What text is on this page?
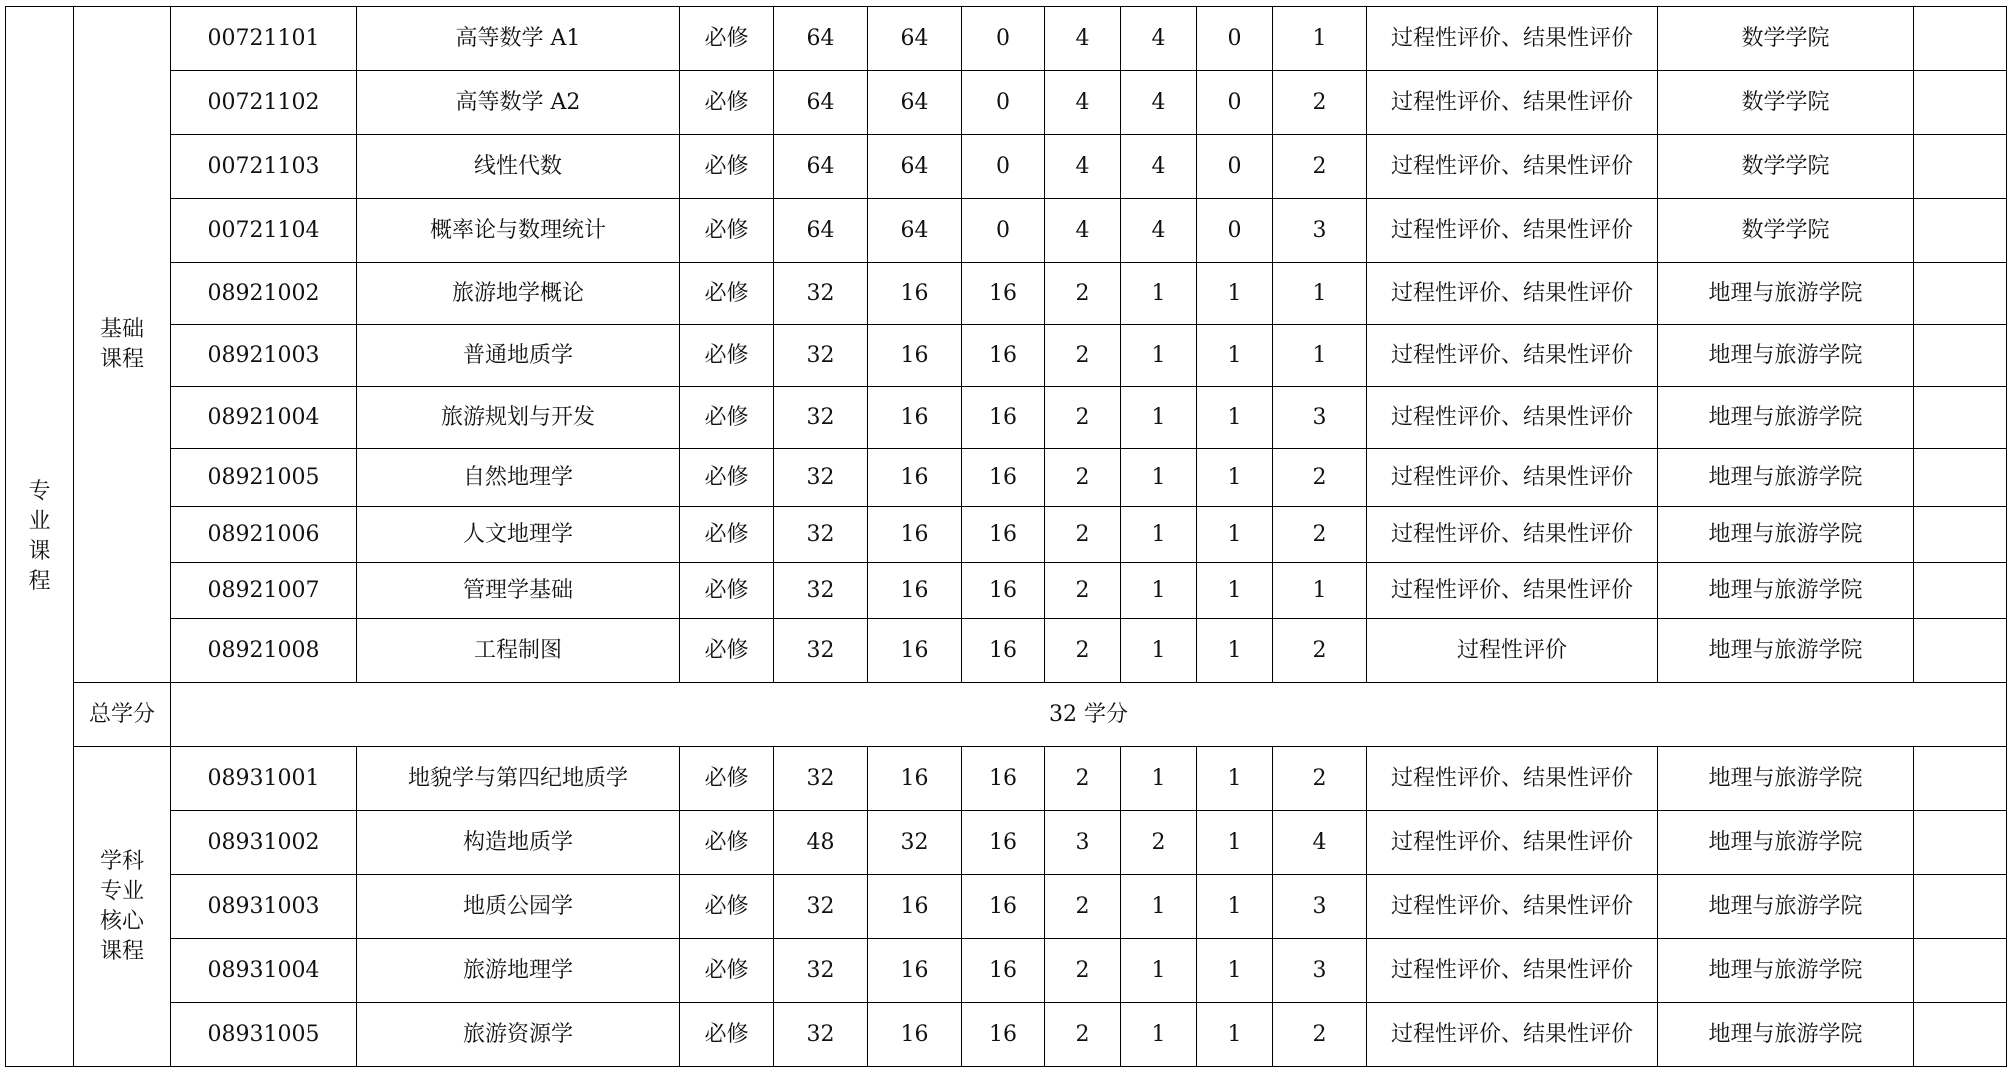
专业课程	基础课程	00721101	高等数学 A1	必修	64	64	0	4	4	0	1	过程性评价、结果性评价	数学学院	
		00721102	高等数学 A2	必修	64	64	0	4	4	0	2	过程性评价、结果性评价	数学学院	
		00721103	线性代数	必修	64	64	0	4	4	0	2	过程性评价、结果性评价	数学学院	
		00721104	概率论与数理统计	必修	64	64	0	4	4	0	3	过程性评价、结果性评价	数学学院	
		08921002	旅游地学概论	必修	32	16	16	2	1	1	1	过程性评价、结果性评价	地理与旅游学院	
		08921003	普通地质学	必修	32	16	16	2	1	1	1	过程性评价、结果性评价	地理与旅游学院	
		08921004	旅游规划与开发	必修	32	16	16	2	1	1	3	过程性评价、结果性评价	地理与旅游学院	
		08921005	自然地理学	必修	32	16	16	2	1	1	2	过程性评价、结果性评价	地理与旅游学院	
		08921006	人文地理学	必修	32	16	16	2	1	1	2	过程性评价、结果性评价	地理与旅游学院	
		08921007	管理学基础	必修	32	16	16	2	1	1	1	过程性评价、结果性评价	地理与旅游学院	
		08921008	工程制图	必修	32	16	16	2	1	1	2	过程性评价	地理与旅游学院	
	总学分	32 学分												

	学科专业核心课程	08931001	地貌学与第四纪地质学	必修	32	16	16	2	1	1	2	过程性评价、结果性评价	地理与旅游学院	
		08931002	构造地质学	必修	48	32	16	3	2	1	4	过程性评价、结果性评价	地理与旅游学院	
		08931003	地质公园学	必修	32	16	16	2	1	1	3	过程性评价、结果性评价	地理与旅游学院	
		08931004	旅游地理学	必修	32	16	16	2	1	1	3	过程性评价、结果性评价	地理与旅游学院	
		08931005	旅游资源学	必修	32	16	16	2	1	1	2	过程性评价、结果性评价	地理与旅游学院	
